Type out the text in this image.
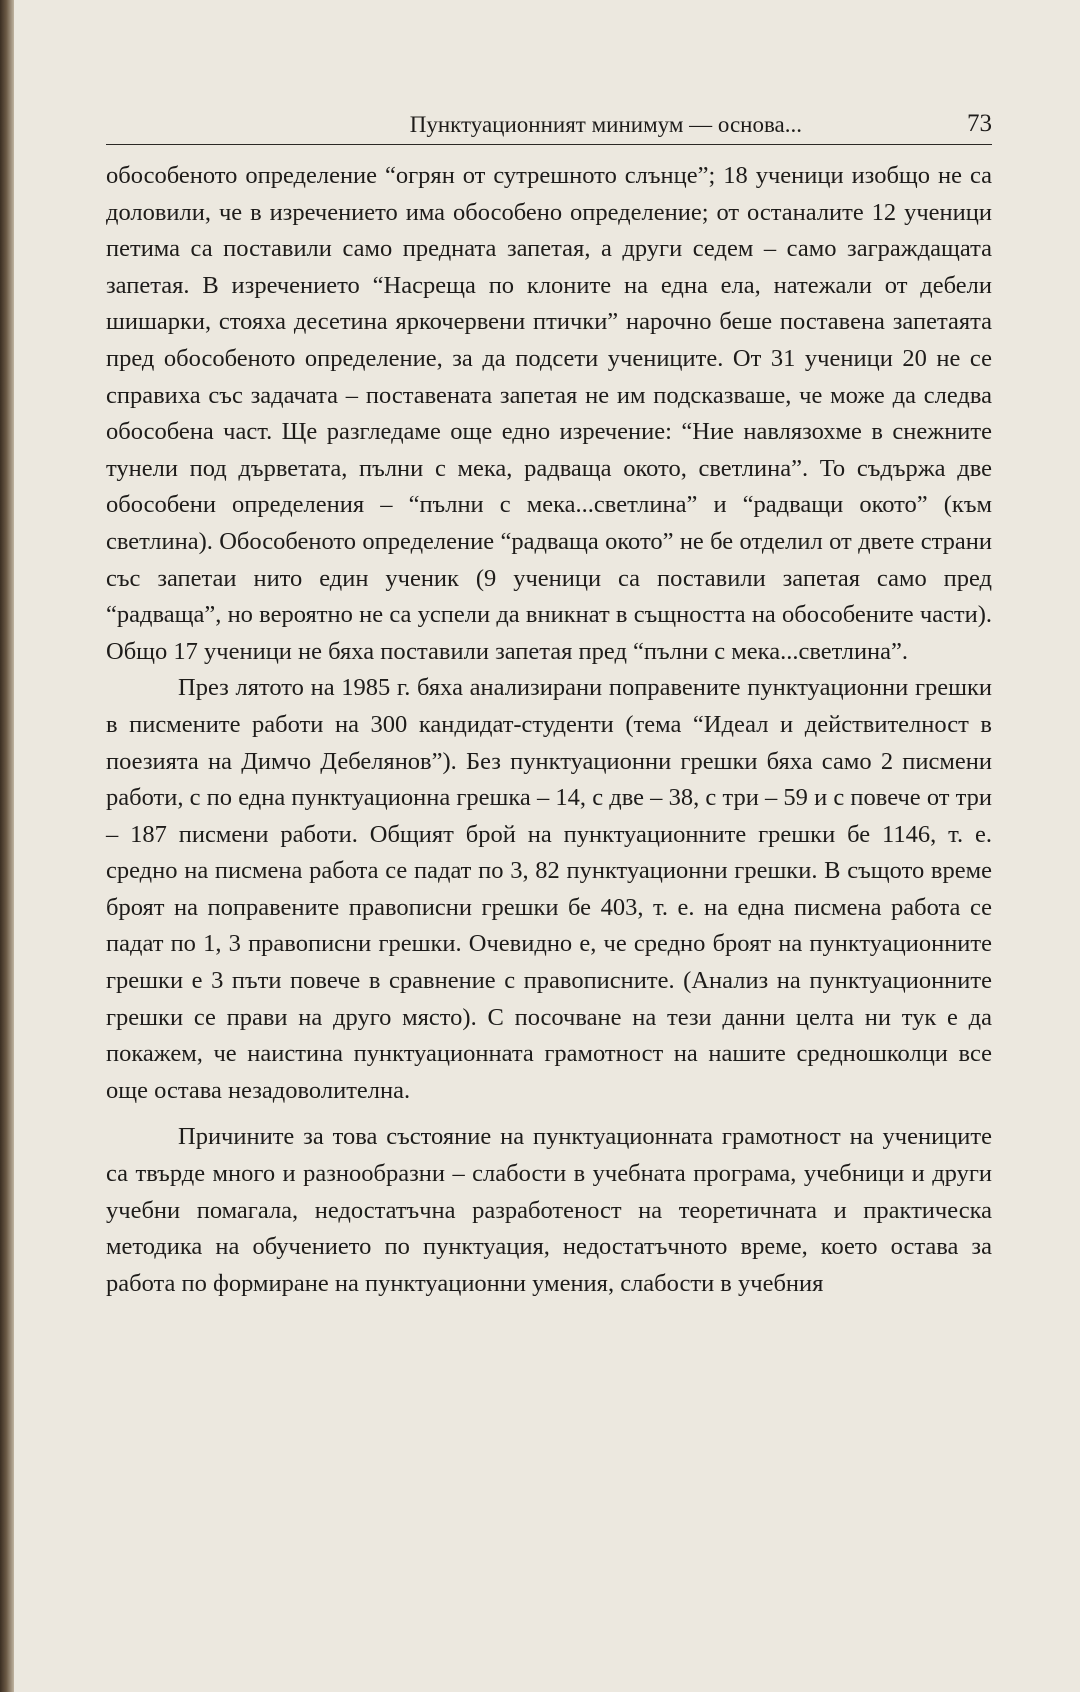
Пунктуационният минимум — основа...	73

обособеното определение “огрян от сутрешното слънце”; 18 ученици изобщо не са доловили, че в изречението има обособено определение; от останалите 12 ученици петима са поставили само предната запетая, а други седем – само заграждащата запетая. В изречението “Насреща по клоните на една ела, натежали от дебели шишарки, стояха десетина яркочервени птички” нарочно беше поставена запетаята пред обособеното определение, за да подсети учениците. От 31 ученици 20 не се справиха със задачата – поставената запетая не им подсказваше, че може да следва обособена част. Ще разгледаме още едно изречение: “Ние навлязохме в снежните тунели под дърветата, пълни с мека, радваща окото, светлина”. То съдържа две обособени определения – “пълни с мека...светлина” и “радващи окото” (към светлина). Обособеното определение “радваща окото” не бе отделил от двете страни със запетаи нито един ученик (9 ученици са поставили запетая само пред “радваща”, но вероятно не са успели да вникнат в същността на обособените части). Общо 17 ученици не бяха поставили запетая пред “пълни с мека...светлина”.

През лятото на 1985 г. бяха анализирани поправените пунктуационни грешки в писмените работи на 300 кандидат-студенти (тема “Идеал и действителност в поезията на Димчо Дебелянов”). Без пунктуационни грешки бяха само 2 писмени работи, с по една пунктуационна грешка – 14, с две – 38, с три – 59 и с повече от три – 187 писмени работи. Общият брой на пунктуационните грешки бе 1146, т. е. средно на писмена работа се падат по 3, 82 пунктуационни грешки. В същото време броят на поправените правописни грешки бе 403, т. е. на една писмена работа се падат по 1, 3 правописни грешки. Очевидно е, че средно броят на пунктуационните грешки е 3 пъти повече в сравнение с правописните. (Анализ на пунктуационните грешки се прави на друго място). С посочване на тези данни целта ни тук е да покажем, че наистина пунктуационната грамотност на нашите средношколци все още остава незадоволителна.

Причините за това състояние на пунктуационната грамотност на учениците са твърде много и разнообразни – слабости в учебната програма, учебници и други учебни помагала, недостатъчна разработеност на теоретичната и практическа методика на обучението по пунктуация, недостатъчното време, което остава за работа по формиране на пунктуационни умения, слабости в учебния
